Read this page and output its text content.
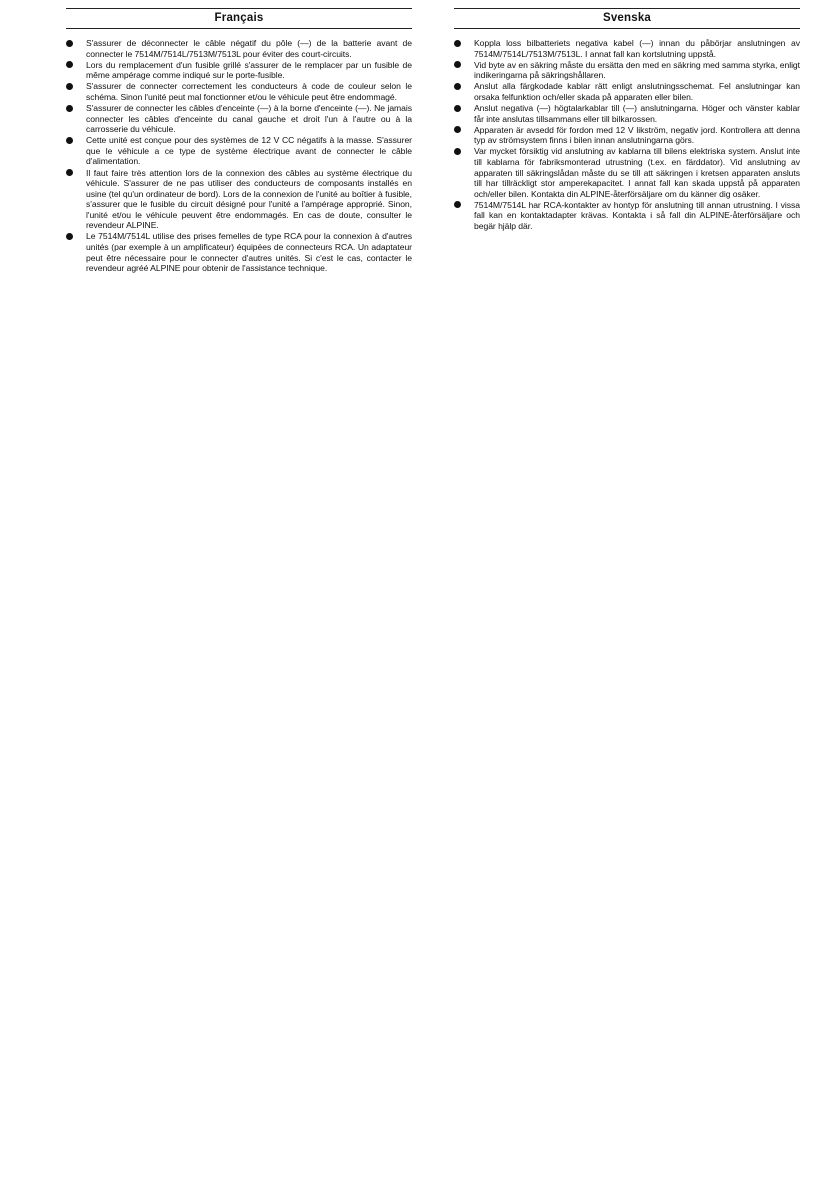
Français
S'assurer de déconnecter le câble négatif du pôle (—) de la batterie avant de connecter le 7514M/7514L/7513M/7513L pour éviter des court-circuits.
Lors du remplacement d'un fusible grillé s'assurer de le remplacer par un fusible de même ampérage comme indiqué sur le porte-fusible.
S'assurer de connecter correctement les conducteurs à code de couleur selon le schéma. Sinon l'unité peut mal fonctionner et/ou le véhicule peut être endommagé.
S'assurer de connecter les câbles d'enceinte (—) à la borne d'enceinte (—). Ne jamais connecter les câbles d'enceinte du canal gauche et droit l'un à l'autre ou à la carrosserie du véhicule.
Cette unité est conçue pour des systèmes de 12 V CC négatifs à la masse. S'assurer que le véhicule a ce type de système électrique avant de connecter le câble d'alimentation.
Il faut faire très attention lors de la connexion des câbles au système électrique du véhicule. S'assurer de ne pas utiliser des conducteurs de composants installés en usine (tel qu'un ordinateur de bord). Lors de la connexion de l'unité au boîtier à fusible, s'assurer que le fusible du circuit désigné pour l'unité a l'ampérage approprié. Sinon, l'unité et/ou le véhicule peuvent être endommagés. En cas de doute, consulter le revendeur ALPINE.
Le 7514M/7514L utilise des prises femelles de type RCA pour la connexion à d'autres unités (par exemple à un amplificateur) équipées de connecteurs RCA. Un adaptateur peut être nécessaire pour le connecter d'autres unités. Si c'est le cas, contacter le revendeur agréé ALPINE pour obtenir de l'assistance technique.
Svenska
Koppla loss bilbatteriets negativa kabel (—) innan du påbörjar anslutningen av 7514M/7514L/7513M/7513L. I annat fall kan kortslutning uppstå.
Vid byte av en säkring måste du ersätta den med en säkring med samma styrka, enligt indikeringarna på säkringshållaren.
Anslut alla färgkodade kablar rätt enligt anslutningsschemat. Fel anslutningar kan orsaka felfunktion och/eller skada på apparaten eller bilen.
Anslut negativa (—) högtalarkablar till (—) anslutningarna. Höger och vänster kablar får inte anslutas tillsammans eller till bilkarossen.
Apparaten är avsedd för fordon med 12 V likström, negativ jord. Kontrollera att denna typ av strömsystem finns i bilen innan anslutningarna görs.
Var mycket försiktig vid anslutning av kablarna till bilens elektriska system. Anslut inte till kablarna för fabriksmonterad utrustning (t.ex. en färddator). Vid anslutning av apparaten till säkringslådan måste du se till att säkringen i kretsen apparaten ansluts till har tillräckligt stor amperekapacitet. I annat fall kan skada uppstå på apparaten och/eller bilen. Kontakta din ALPINE-återförsäljare om du känner dig osäker.
7514M/7514L har RCA-kontakter av hontyp för anslutning till annan utrustning. I vissa fall kan en kontaktadapter krävas. Kontakta i så fall din ALPINE-återförsäljare och begär hjälp där.
